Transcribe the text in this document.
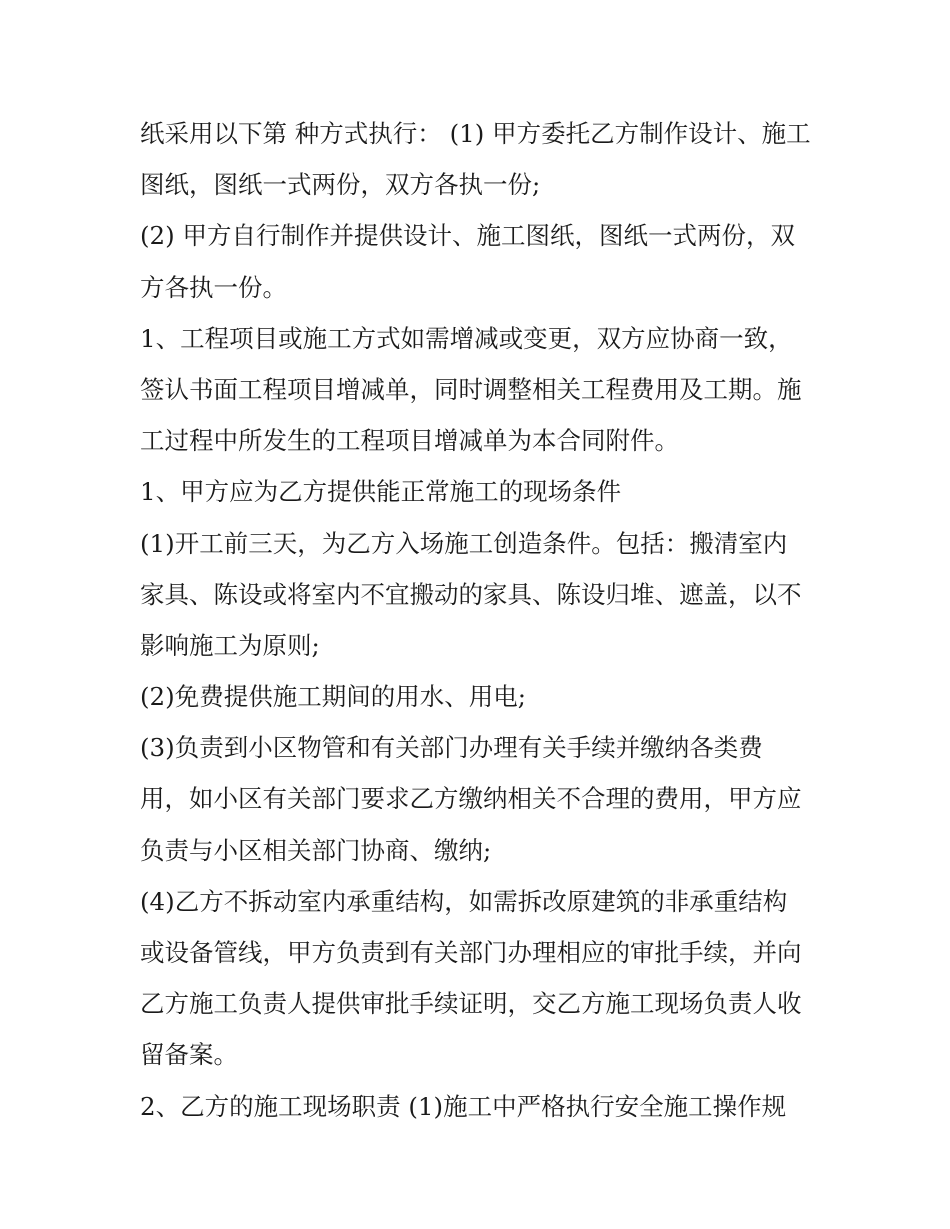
纸采用以下第 种方式执行： (1) 甲方委托乙方制作设计、施工
图纸，图纸一式两份，双方各执一份;
(2) 甲方自行制作并提供设计、施工图纸，图纸一式两份，双
方各执一份。
1、工程项目或施工方式如需增减或变更，双方应协商一致，
签认书面工程项目增减单，同时调整相关工程费用及工期。施
工过程中所发生的工程项目增减单为本合同附件。
1、甲方应为乙方提供能正常施工的现场条件
(1)开工前三天，为乙方入场施工创造条件。包括：搬清室内
家具、陈设或将室内不宜搬动的家具、陈设归堆、遮盖，以不
影响施工为原则;
(2)免费提供施工期间的用水、用电;
(3)负责到小区物管和有关部门办理有关手续并缴纳各类费
用，如小区有关部门要求乙方缴纳相关不合理的费用，甲方应
负责与小区相关部门协商、缴纳;
(4)乙方不拆动室内承重结构，如需拆改原建筑的非承重结构
或设备管线，甲方负责到有关部门办理相应的审批手续，并向
乙方施工负责人提供审批手续证明，交乙方施工现场负责人收
留备案。
2、乙方的施工现场职责 (1)施工中严格执行安全施工操作规
